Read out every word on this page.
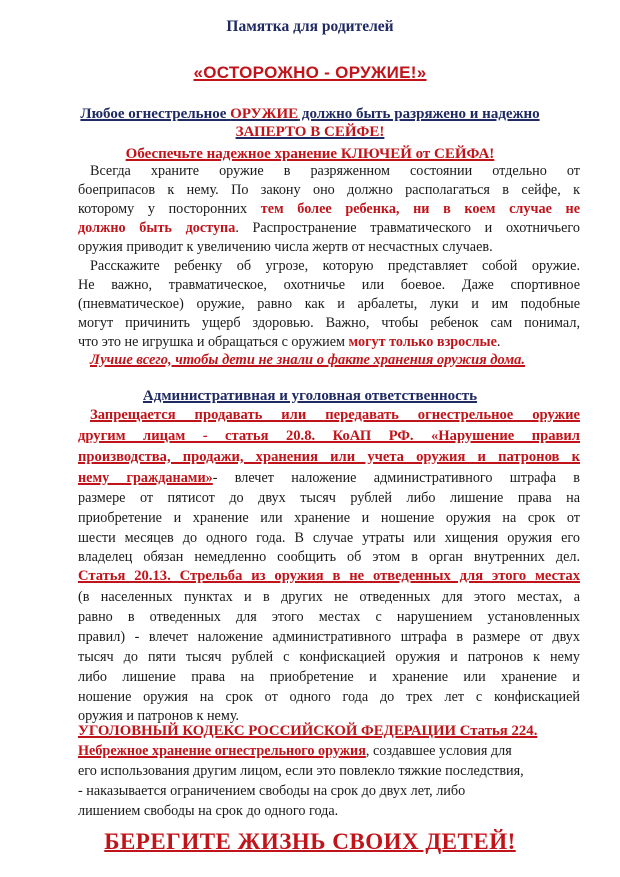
Памятка для родителей
«ОСТОРОЖНО - ОРУЖИЕ!»
Любое огнестрельное ОРУЖИЕ должно быть разряжено и надежно
ЗАПЕРТО В СЕЙФЕ!
Обеспечьте надежное хранение КЛЮЧЕЙ от СЕЙФА!
Всегда храните оружие в разряженном состоянии отдельно от
боеприпасов к нему. По закону оно должно располагаться в сейфе, к
которому у посторонних тем более ребенка, ни в коем случае не
должно быть доступа. Распространение травматического и охотничьего
оружия приводит к увеличению числа жертв от несчастных случаев.
Расскажите ребенку об угрозе, которую представляет собой оружие.
Не важно, травматическое, охотничье или боевое. Даже спортивное
(пневматическое) оружие, равно как и арбалеты, луки и им подобные
могут причинить ущерб здоровью. Важно, чтобы ребенок сам понимал,
что это не игрушка и обращаться с оружием могут только взрослые.
Лучше всего, чтобы дети не знали о факте хранения оружия дома.
Административная и уголовная ответственность
Запрещается продавать или передавать огнестрельное оружие
другим лицам - статья 20.8. КоАП РФ. «Нарушение правил
производства, продажи, хранения или учета оружия и патронов к
нему гражданами»- влечет наложение административного штрафа в
размере от пятисот до двух тысяч рублей либо лишение права на
приобретение и хранение или хранение и ношение оружия на срок от
шести месяцев до одного года. В случае утраты или хищения оружия его
владелец обязан немедленно сообщить об этом в орган внутренних дел.
Статья 20.13. Стрельба из оружия в не отведенных для этого местах
(в населенных пунктах и в других не отведенных для этого местах, а
равно в отведенных для этого местах с нарушением установленных
правил) - влечет наложение административного штрафа в размере от двух
тысяч до пяти тысяч рублей с конфискацией оружия и патронов к нему
либо лишение права на приобретение и хранение или хранение и
ношение оружия на срок от одного года до трех лет с конфискацией
оружия и патронов к нему.
УГОЛОВНЫЙ КОДЕКС РОССИЙСКОЙ ФЕДЕРАЦИИ Статья 224.
Небрежное хранение огнестрельного оружия, создавшее условия для
его использования другим лицом, если это повлекло тяжкие последствия,
- наказывается ограничением свободы на срок до двух лет, либо
лишением свободы на срок до одного года.
БЕРЕГИТЕ ЖИЗНЬ СВОИХ ДЕТЕЙ!
